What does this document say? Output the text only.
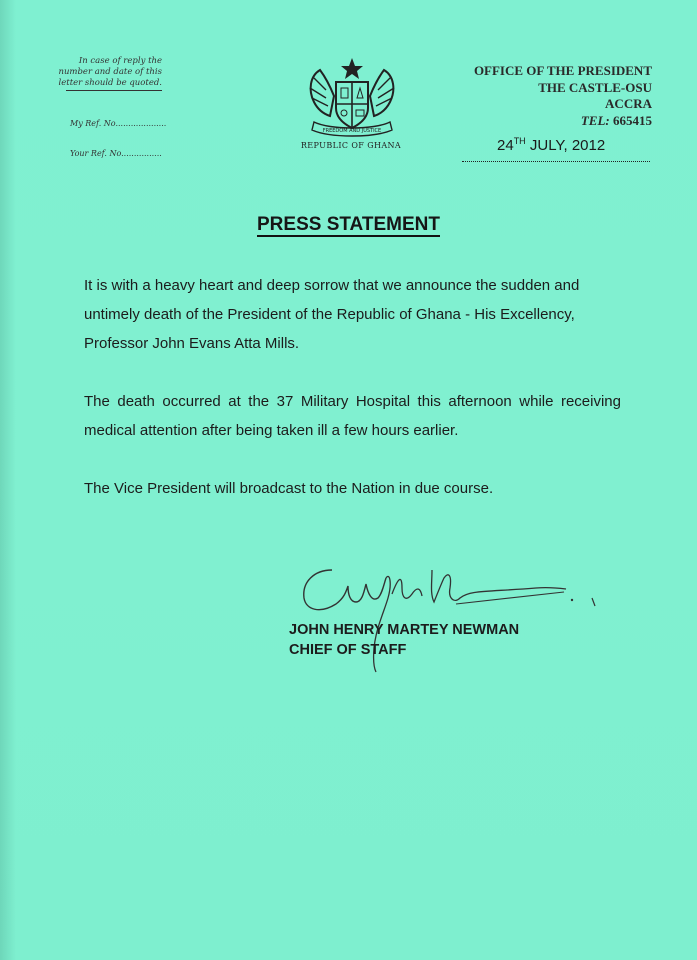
In case of reply the number and date of this letter should be quoted.
My Ref. No....................
Your Ref. No................
FREEDOM AND JUSTICE
REPUBLIC OF GHANA
OFFICE OF THE PRESIDENT
THE CASTLE-OSU
ACCRA
TEL: 665415
24TH JULY, 2012
PRESS STATEMENT
It is with a heavy heart and deep sorrow that we announce the sudden and untimely death of the President of the Republic of Ghana - His Excellency, Professor John Evans Atta Mills.
The death occurred at the 37 Military Hospital this afternoon while receiving medical attention after being taken ill a few hours earlier.
The Vice President will broadcast to the Nation in due course.
JOHN HENRY MARTEY NEWMAN
CHIEF OF STAFF
